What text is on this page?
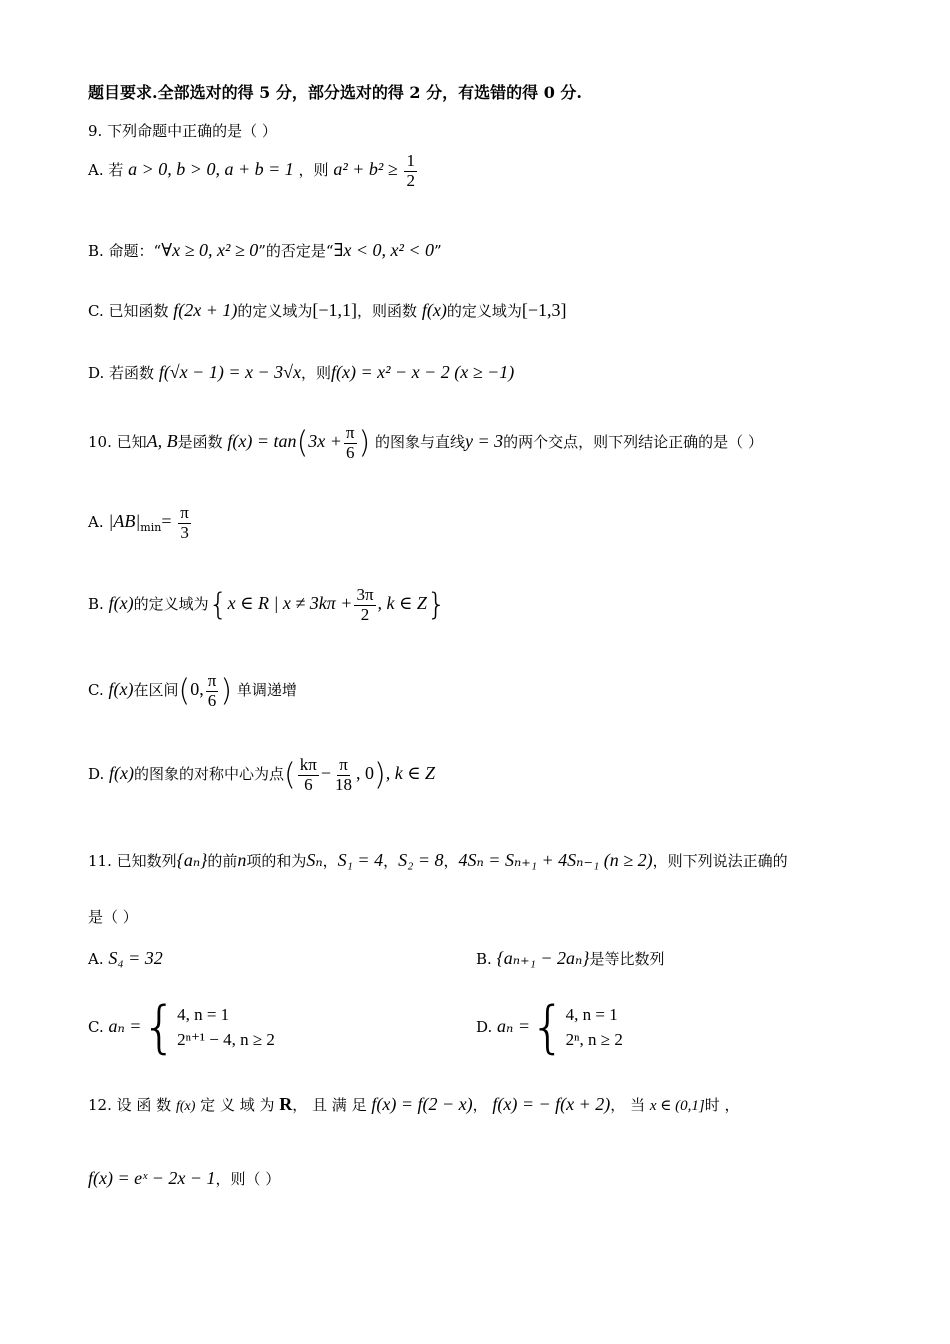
题目要求.全部选对的得 5 分，部分选对的得 2 分，有选错的得 0 分.
9. 下列命题中正确的是（ ）
A. 若 a > 0, b > 0, a + b = 1 ，则 $a^2 + b^2 \ge \frac{1}{2}$
B. 命题：“∀x ≥ 0, x² ≥ 0”的否定是“∃x < 0, x² < 0”
C. 已知函数 f(2x + 1)的定义域为[−1,1]，则函数 f(x)的定义域为[−1,3]
D. 若函数 f(√x − 1) = x − 3√x，则f(x) = x² − x − 2 (x ≥ −1)
10. 已知A, B是函数 $f(x) = \tan(3x + \frac{\pi}{6}$ ) 的图象与直线y = 3的两个交点，则下列结论正确的是（ ）
A. $|AB|_{min}= \frac{\pi}{3}$
B. f(x)的定义域为{x ∈ R | $x \ne 3k\pi + \frac{3\pi}{2}$ , k ∈ Z}
C. f(x)在区间(0, $\frac{\pi}{6}$ ) 单调递增
D. f(x)的图象的对称中心为点( $\frac{k\pi}{6} - \frac{\pi}{18}$ , 0), k ∈ Z
11. 已知数列{aₙ}的前n项的和为Sₙ，S₁ = 4，S₂ = 8，4Sₙ = Sₙ₊₁ + 4Sₙ₋₁ (n ≥ 2)，则下列说法正确的
是（ ）
A. S₄ = 32	B. {aₙ₊₁ − 2aₙ}是等比数列
C. aₙ ={ 4, n = 1
2ⁿ⁺¹ − 4, n ≥ 2
D. aₙ ={ 4, n = 1
2ⁿ, n ≥ 2
12. 设 函 数 f(x) 定 义 域 为 R， 且 满 足 f(x) = f(2 − x)， f(x) = − f(x + 2)， 当 x ∈ (0,1]时 ，
f(x) = eˣ − 2x − 1，则（ ）
